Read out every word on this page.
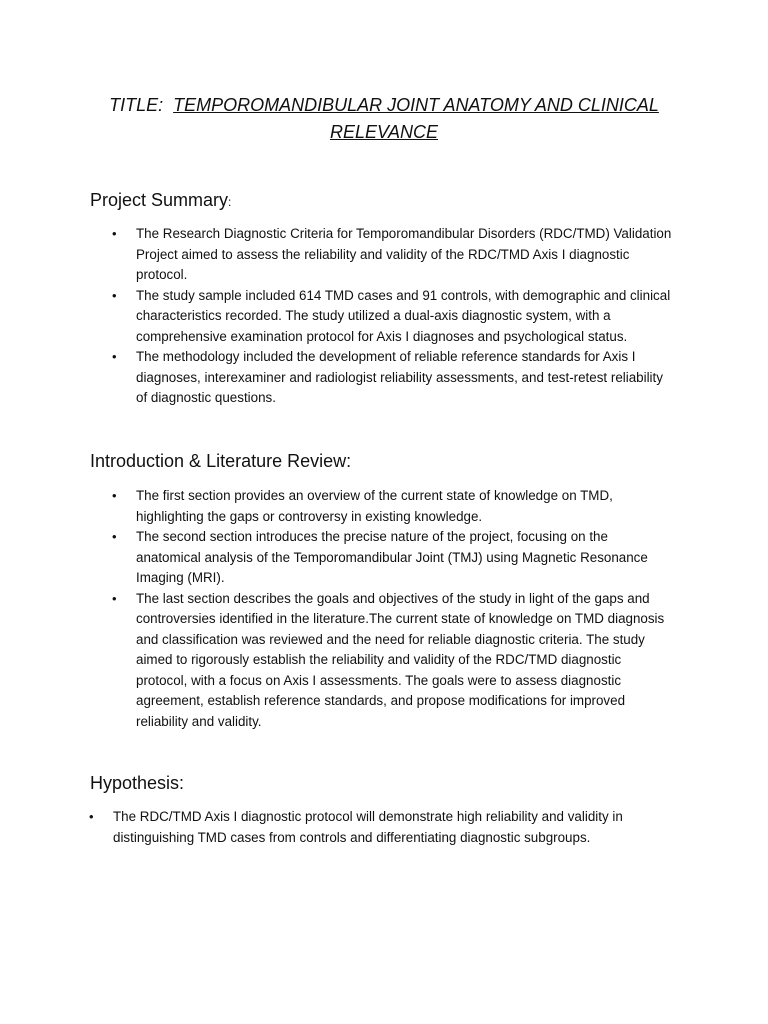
TITLE: TEMPOROMANDIBULAR JOINT ANATOMY AND CLINICAL RELEVANCE
Project Summary:
• The Research Diagnostic Criteria for Temporomandibular Disorders (RDC/TMD) Validation Project aimed to assess the reliability and validity of the RDC/TMD Axis I diagnostic protocol.
• The study sample included 614 TMD cases and 91 controls, with demographic and clinical characteristics recorded. The study utilized a dual-axis diagnostic system, with a comprehensive examination protocol for Axis I diagnoses and psychological status.
• The methodology included the development of reliable reference standards for Axis I diagnoses, interexaminer and radiologist reliability assessments, and test-retest reliability of diagnostic questions.
Introduction & Literature Review:
• The first section provides an overview of the current state of knowledge on TMD, highlighting the gaps or controversy in existing knowledge.
• The second section introduces the precise nature of the project, focusing on the anatomical analysis of the Temporomandibular Joint (TMJ) using Magnetic Resonance Imaging (MRI).
• The last section describes the goals and objectives of the study in light of the gaps and controversies identified in the literature.The current state of knowledge on TMD diagnosis and classification was reviewed and the need for reliable diagnostic criteria. The study aimed to rigorously establish the reliability and validity of the RDC/TMD diagnostic protocol, with a focus on Axis I assessments. The goals were to assess diagnostic agreement, establish reference standards, and propose modifications for improved reliability and validity.
Hypothesis:
• The RDC/TMD Axis I diagnostic protocol will demonstrate high reliability and validity in distinguishing TMD cases from controls and differentiating diagnostic subgroups.
